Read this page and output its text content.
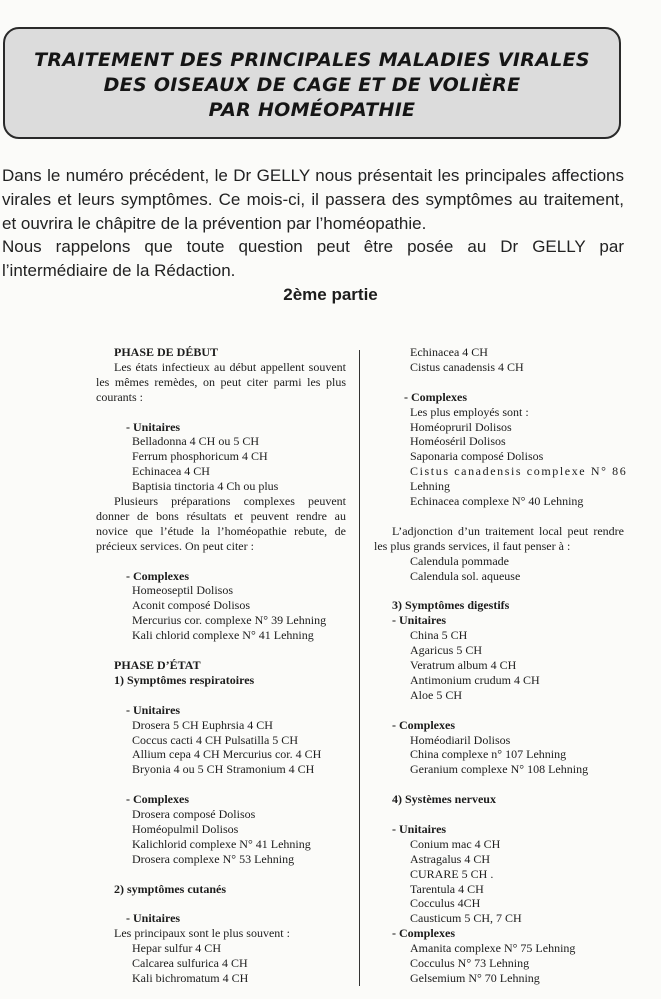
TRAITEMENT DES PRINCIPALES MALADIES VIRALES
DES OISEAUX DE CAGE ET DE VOLIÈRE
PAR HOMÉOPATHIE

Dans le numéro précédent, le Dr GELLY nous présentait les principales affections virales et leurs symptômes. Ce mois-ci, il passera des symptômes au traitement, et ouvrira le châpitre de la prévention par l’homéopathie.

Nous rappelons que toute question peut être posée au Dr GELLY par l’intermédiaire de la Rédaction.

2ème partie
PHASE DE DÉBUT
Les états infectieux au début appellent souvent les mêmes remèdes, on peut citer parmi les plus courants :
- Unitaires
Belladonna 4 CH ou 5 CH
Ferrum phosphoricum 4 CH
Echinacea 4 CH
Baptisia tinctoria 4 Ch ou plus
Plusieurs préparations complexes peuvent donner de bons résultats et peuvent rendre au novice que l’étude la l’homéopathie rebute, de précieux services. On peut citer :
- Complexes
Homeoseptil Dolisos
Aconit composé Dolisos
Mercurius cor. complexe N° 39 Lehning
Kali chlorid complexe N° 41 Lehning
PHASE D’ÉTAT
1) Symptômes respiratoires
- Unitaires
Drosera 5 CH Euphrsia 4 CH
Coccus cacti 4 CH Pulsatilla 5 CH
Allium cepa 4 CH Mercurius cor. 4 CH
Bryonia 4 ou 5 CH Stramonium 4 CH
- Complexes
Drosera composé Dolisos
Homéopulmil Dolisos
Kalichlorid complexe N° 41 Lehning
Drosera complexe N° 53 Lehning
2) symptômes cutanés
- Unitaires
Les principaux sont le plus souvent :
Hepar sulfur 4 CH
Calcarea sulfurica 4 CH
Kali bichromatum 4 CH
Echinacea 4 CH
Cistus canadensis 4 CH
- Complexes
Les plus employés sont :
Homéopruril Dolisos
Homéoséril Dolisos
Saponaria composé Dolisos
Cistus canadensis complexe N° 86
Lehning
Echinacea complexe N° 40 Lehning
L’adjonction d’un traitement local peut rendre les plus grands services, il faut penser à :
Calendula pommade
Calendula sol. aqueuse
3) Symptômes digestifs
- Unitaires
China 5 CH
Agaricus 5 CH
Veratrum album 4 CH
Antimonium crudum 4 CH
Aloe 5 CH
- Complexes
Homéodiaril Dolisos
China complexe n° 107 Lehning
Geranium complexe N° 108 Lehning
4) Systèmes nerveux
- Unitaires
Conium mac 4 CH
Astragalus 4 CH
CURARE 5 CH .
Tarentula 4 CH
Cocculus 4CH
Causticum 5 CH, 7 CH
- Complexes
Amanita complexe N° 75 Lehning
Cocculus N° 73 Lehning
Gelsemium N° 70 Lehning
